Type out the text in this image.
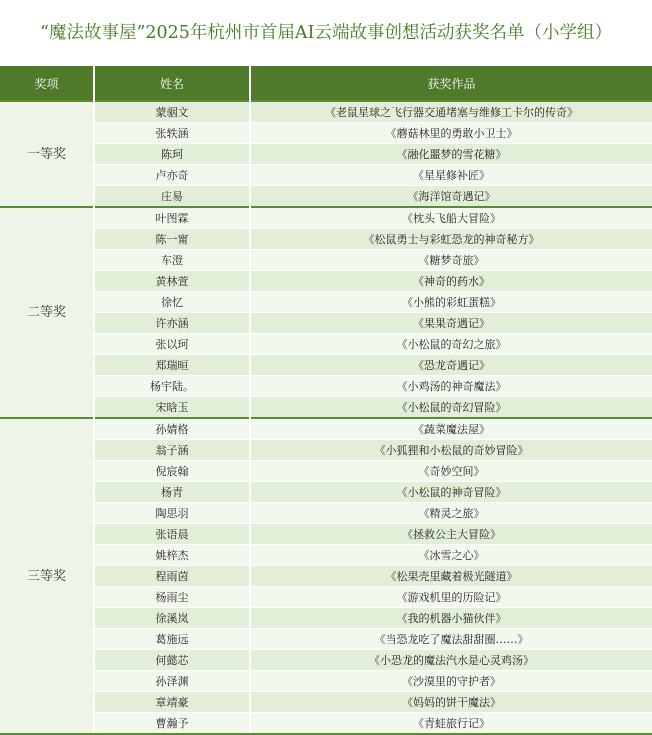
“魔法故事屋”2025年杭州市首届AI云端故事创想活动获奖名单（小学组）
奖项	姓名	获奖作品
一等奖	蒙骃文	《老鼠星球之飞行器交通堵塞与维修工卡尔的传奇》
	张轶涵	《蘑菇林里的勇敢小卫士》
	陈珂	《融化噩梦的雪花糖》
	卢亦奇	《星星修补匠》
	庄易	《海洋馆奇遇记》
二等奖	叶图霖	《枕头飞船大冒险》
	陈一甯	《松鼠勇士与彩虹恐龙的神奇秘方》
	车澄	《糖梦奇旅》
	黄林萱	《神奇的药水》
	徐忆	《小熊的彩虹蛋糕》
	许亦涵	《果果奇遇记》
	张以珂	《小松鼠的奇幻之旅》
	郑瑞晅	《恐龙奇遇记》
	杨宇陆。	《小鸡汤的神奇魔法》
	宋晗玉	《小松鼠的奇幻冒险》
三等奖	孙婧格	《蔬菜魔法屋》
	翁子涵	《小狐狸和小松鼠的奇妙冒险》
	倪宸翰	《奇妙空间》
	杨青	《小松鼠的神奇冒险》
	陶思羽	《精灵之旅》
	张语晨	《拯救公主大冒险》
	姚梓杰	《冰雪之心》
	程雨茵	《松果壳里藏着极光隧道》
	杨雨尘	《游戏机里的历险记》
	徐溪岚	《我的机器小猫伙伴》
	葛施远	《当恐龙吃了魔法甜甜圈……》
	何懿芯	《小恐龙的魔法汽水是心灵鸡汤》
	孙泽渊	《沙漠里的守护者》
	章靖豪	《妈妈的饼干魔法》
	曹瀚予	《青蛙旅行记》
